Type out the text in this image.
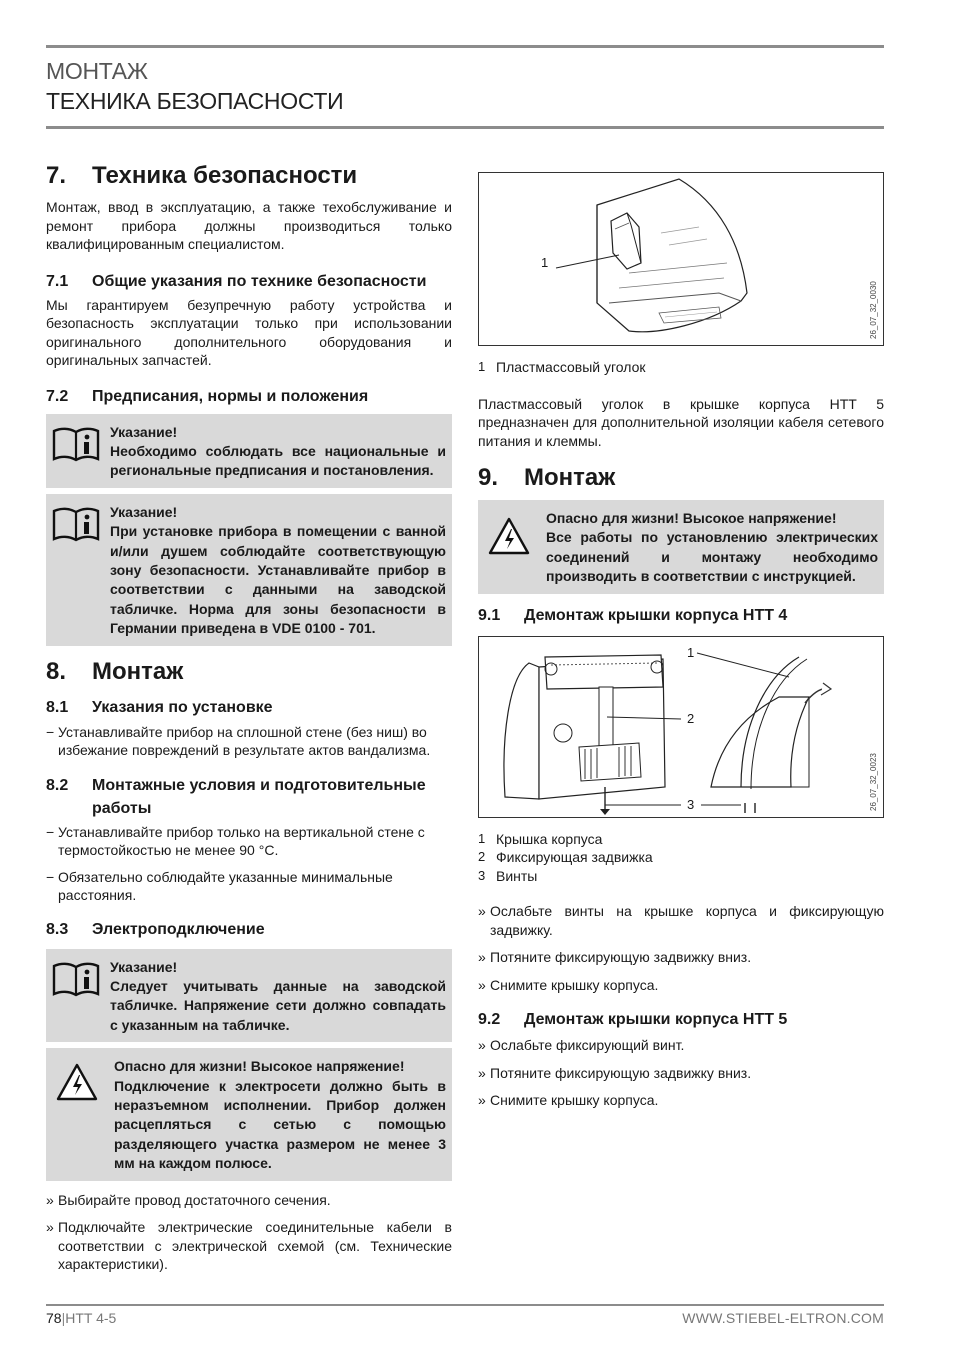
МОНТАЖ
ТЕХНИКА БЕЗОПАСНОСТИ
7.	Техника безопасности

Монтаж, ввод в эксплуатацию, а также техобслуживание и ремонт прибора должны производиться только квалифицированным специалистом.

7.1	Общие указания по технике безопасности

Мы гарантируем безупречную работу устройства и безопасность эксплуатации только при использовании оригинального дополнительного оборудования и оригинальных запчастей.

7.2	Предписания, нормы и положения
Указание!
Необходимо соблюдать все национальные и региональные предписания и постановления.
Указание!
При установке прибора в помещении с ванной и/или душем соблюдайте соответствующую зону безопасности. Устанавливайте прибор в соответствии с данными на заводской табличке. Норма для зоны безопасности в Германии приведена в VDE 0100 - 701.
8.	Монтаж
8.1	Указания по установке
− Устанавливайте прибор на сплошной стене (без ниш) во избежание повреждений в результате актов вандализма.
8.2	Монтажные условия и подготовительные работы
− Устанавливайте прибор только на вертикальной стене с термостойкостью не менее 90 °C.
− Обязательно соблюдайте указанные минимальные расстояния.
8.3	Электроподключение
Указание!
Следует учитывать данные на заводской табличке. Напряжение сети должно совпадать с указанным на табличке.
Опасно для жизни! Высокое напряжение!
Подключение к электросети должно быть в неразъемном исполнении. Прибор должен расцепляться с сетью с помощью разделяющего участка размером не менее 3 мм на каждом полюсе.
» Выбирайте провод достаточного сечения.
» Подключайте электрические соединительные кабели в соответствии с электрической схемой (см. Технические характеристики).
1
26_07_32_0030
1 Пластмассовый уголок

Пластмассовый уголок в крышке корпуса HTT 5 предназначен для дополнительной изоляции кабеля сетевого питания и клеммы.

9.	Монтаж
Опасно для жизни! Высокое напряжение!
Все работы по установлению электрических соединений и монтажу необходимо производить в соответствии с инструкцией.
9.1	Демонтаж крышки корпуса HTT 4
1
2
3	26_07_32_0023
1 Крышка корпуса
2 Фиксирующая задвижка
3 Винты
» Ослабьте винты на крышке корпуса и фиксирующую задвижку.
» Потяните фиксирующую задвижку вниз.
» Снимите крышку корпуса.
9.2	Демонтаж крышки корпуса HTT 5
» Ослабьте фиксирующий винт.
» Потяните фиксирующую задвижку вниз.
» Снимите крышку корпуса.
78|HTT 4-5	WWW.STIEBEL-ELTRON.COM
